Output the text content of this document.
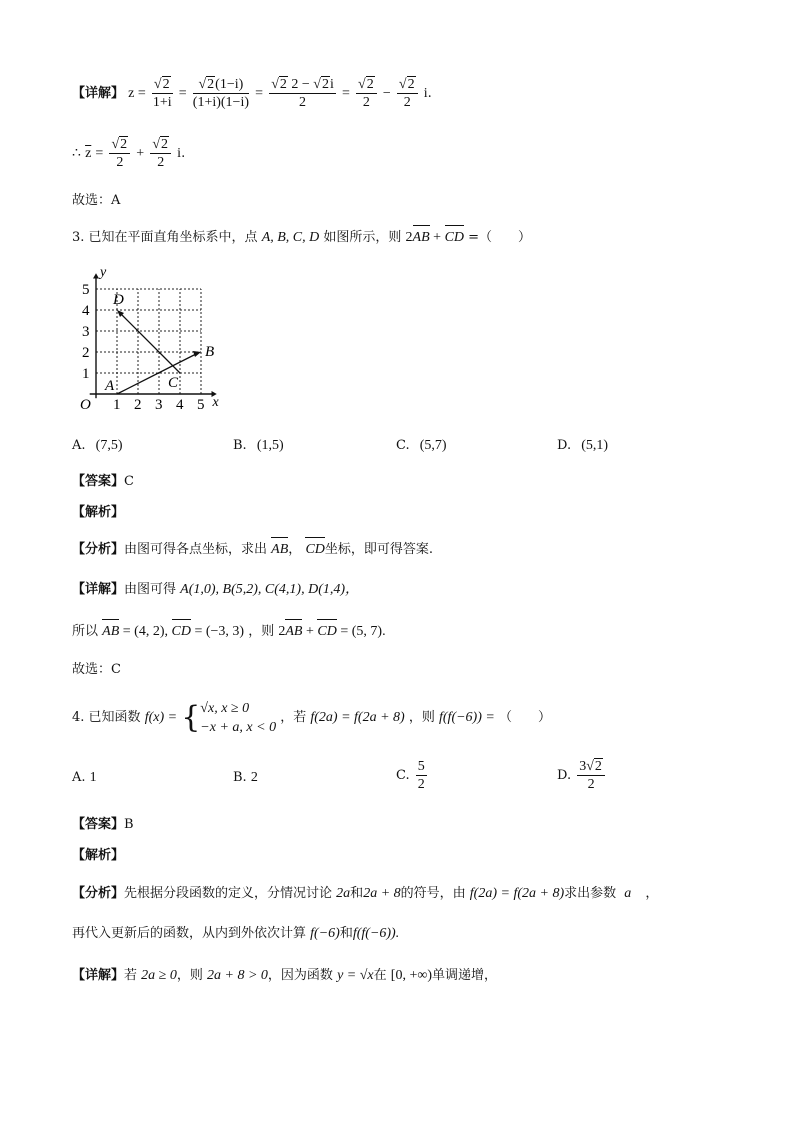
【详解】 $z = \frac{√2}{1+i} = \frac{√2(1-i)}{(1+i)(1-i)} = \frac{√2 2 - √2i}{2} = \frac{√2}{2} - \frac{√2}{2} i$.
∴ $\overline{z} = \frac{√2}{2} + \frac{√2}{2} i$.
故选：A
3. 已知在平面直角坐标系中，点 A, B, C, D 如图所示，则 2AB + CD =（　　）
1 2 3 4 5
1
2
3
4
5
O	x
y
A
B
C
D
A. (7,5)	B. (1,5)	C. (5,7)	D. (5,1)
【答案】C
【解析】
【分析】由图可得各点坐标，求出 AB， CD坐标，即可得答案.
【详解】由图可得 A(1,0), B(5,2), C(4,1), D(1,4)，
所以 AB = (4, 2), CD = (−3, 3) ，则 2AB + CD = (5, 7).
故选：C
4. 已知函数 f(x) = { √x, x ≥ 0
−x + a, x < 0
，若 f(2a) = f(2a + 8) ，则 f(f(−6)) = （　　）
A. 1	B. 2	C. $\frac{5}{2}$	D. $\frac{3√2}{2}$
【答案】B
【解析】
【分析】先根据分段函数的定义，分情况讨论 2a和2a + 8的符号，由 f(2a) = f(2a + 8)求出参数 a ，
再代入更新后的函数，从内到外依次计算 f(−6)和f(f(−6)).
【详解】若 2a ≥ 0，则 2a + 8 > 0，因为函数 y = √x在 [0, +∞)单调递增，
